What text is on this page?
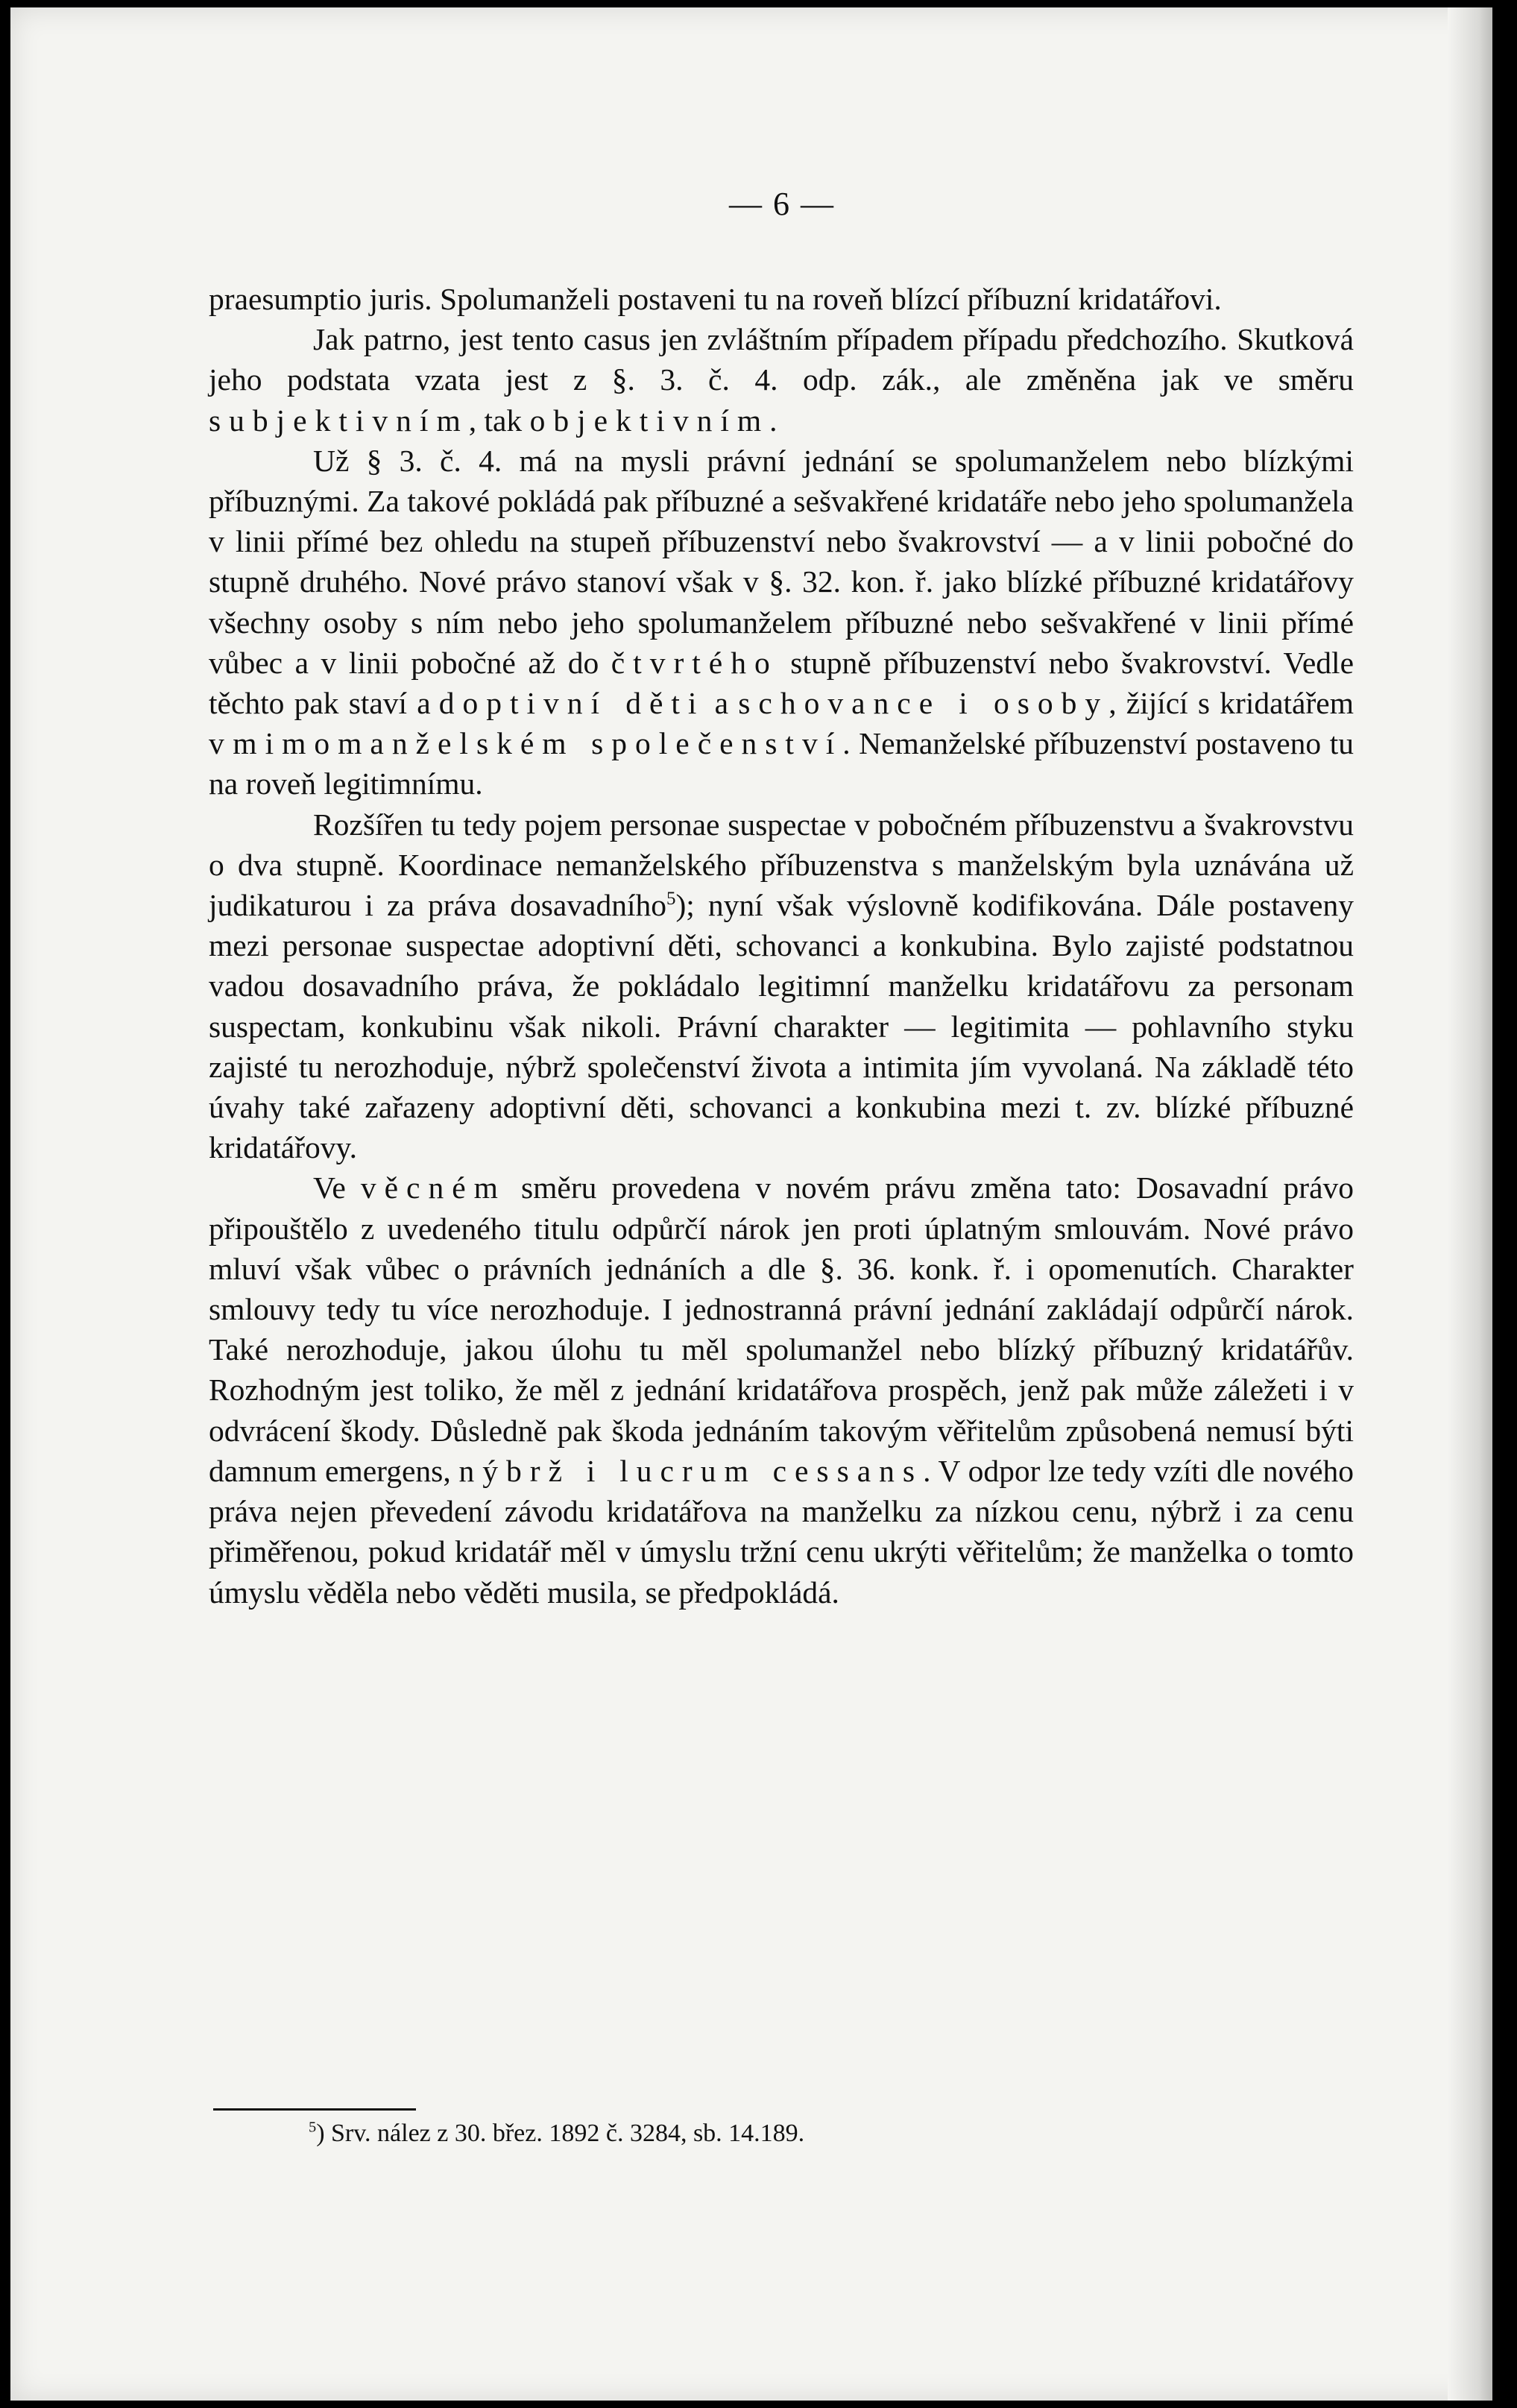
— 6 —

praesumptio juris. Spolumanželi postaveni tu na roveň blízcí příbuzní kridatářovi.

Jak patrno, jest tento casus jen zvláštním případem případu předchozího. Skutková jeho podstata vzata jest z §. 3. č. 4. odp. zák., ale změněna jak ve směru subjektivním, tak objektivním.

Už § 3. č. 4. má na mysli právní jednání se spolumanželem nebo blízkými příbuznými. Za takové pokládá pak příbuzné a sešvakřené kridatáře nebo jeho spolumanžela v linii přímé bez ohledu na stupeň příbuzenství nebo švakrovství — a v linii pobočné do stupně druhého. Nové právo stanoví však v §. 32. kon. ř. jako blízké příbuzné kridatářovy všechny osoby s ním nebo jeho spolumanželem příbuzné nebo sešvakřené v linii přímé vůbec a v linii pobočné až do čtvrtého stupně příbuzenství nebo švakrovství. Vedle těchto pak staví adoptivní děti a schovance i osoby, žijící s kridatářem v mimomanželském společenství. Nemanželské příbuzenství postaveno tu na roveň legitimnímu.

Rozšířen tu tedy pojem personae suspectae v pobočném příbuzenstvu a švakrovstvu o dva stupně. Koordinace nemanželského příbuzenstva s manželským byla uznávána už judikaturou i za práva dosavadního$^5$); nyní však výslovně kodifikována. Dále postaveny mezi personae suspectae adoptivní děti, schovanci a konkubina. Bylo zajisté podstatnou vadou dosavadního práva, že pokládalo legitimní manželku kridatářovu za personam suspectam, konkubinu však nikoli. Právní charakter — legitimita — pohlavního styku zajisté tu nerozhoduje, nýbrž společenství života a intimita jím vyvolaná. Na základě této úvahy také zařazeny adoptivní děti, schovanci a konkubina mezi t. zv. blízké příbuzné kridatářovy.

Ve věcném směru provedena v novém právu změna tato: Dosavadní právo připouštělo z uvedeného titulu odpůrčí nárok jen proti úplatným smlouvám. Nové právo mluví však vůbec o právních jednáních a dle §. 36. konk. ř. i opomenutích. Charakter smlouvy tedy tu více nerozhoduje. I jednostranná právní jednání zakládají odpůrčí nárok. Také nerozhoduje, jakou úlohu tu měl spolumanžel nebo blízký příbuzný kridatářův. Rozhodným jest toliko, že měl z jednání kridatářova prospěch, jenž pak může záležeti i v odvrácení škody. Důsledně pak škoda jednáním takovým věřitelům způsobená nemusí býti damnum emergens, nýbrž i lucrum cessans. V odpor lze tedy vzíti dle nového práva nejen převedení závodu kridatářova na manželku za nízkou cenu, nýbrž i za cenu přiměřenou, pokud kridatář měl v úmyslu tržní cenu ukrýti věřitelům; že manželka o tomto úmyslu věděla nebo věděti musila, se předpokládá.

$^5$) Srv. nález z 30. břez. 1892 č. 3284, sb. 14.189.
